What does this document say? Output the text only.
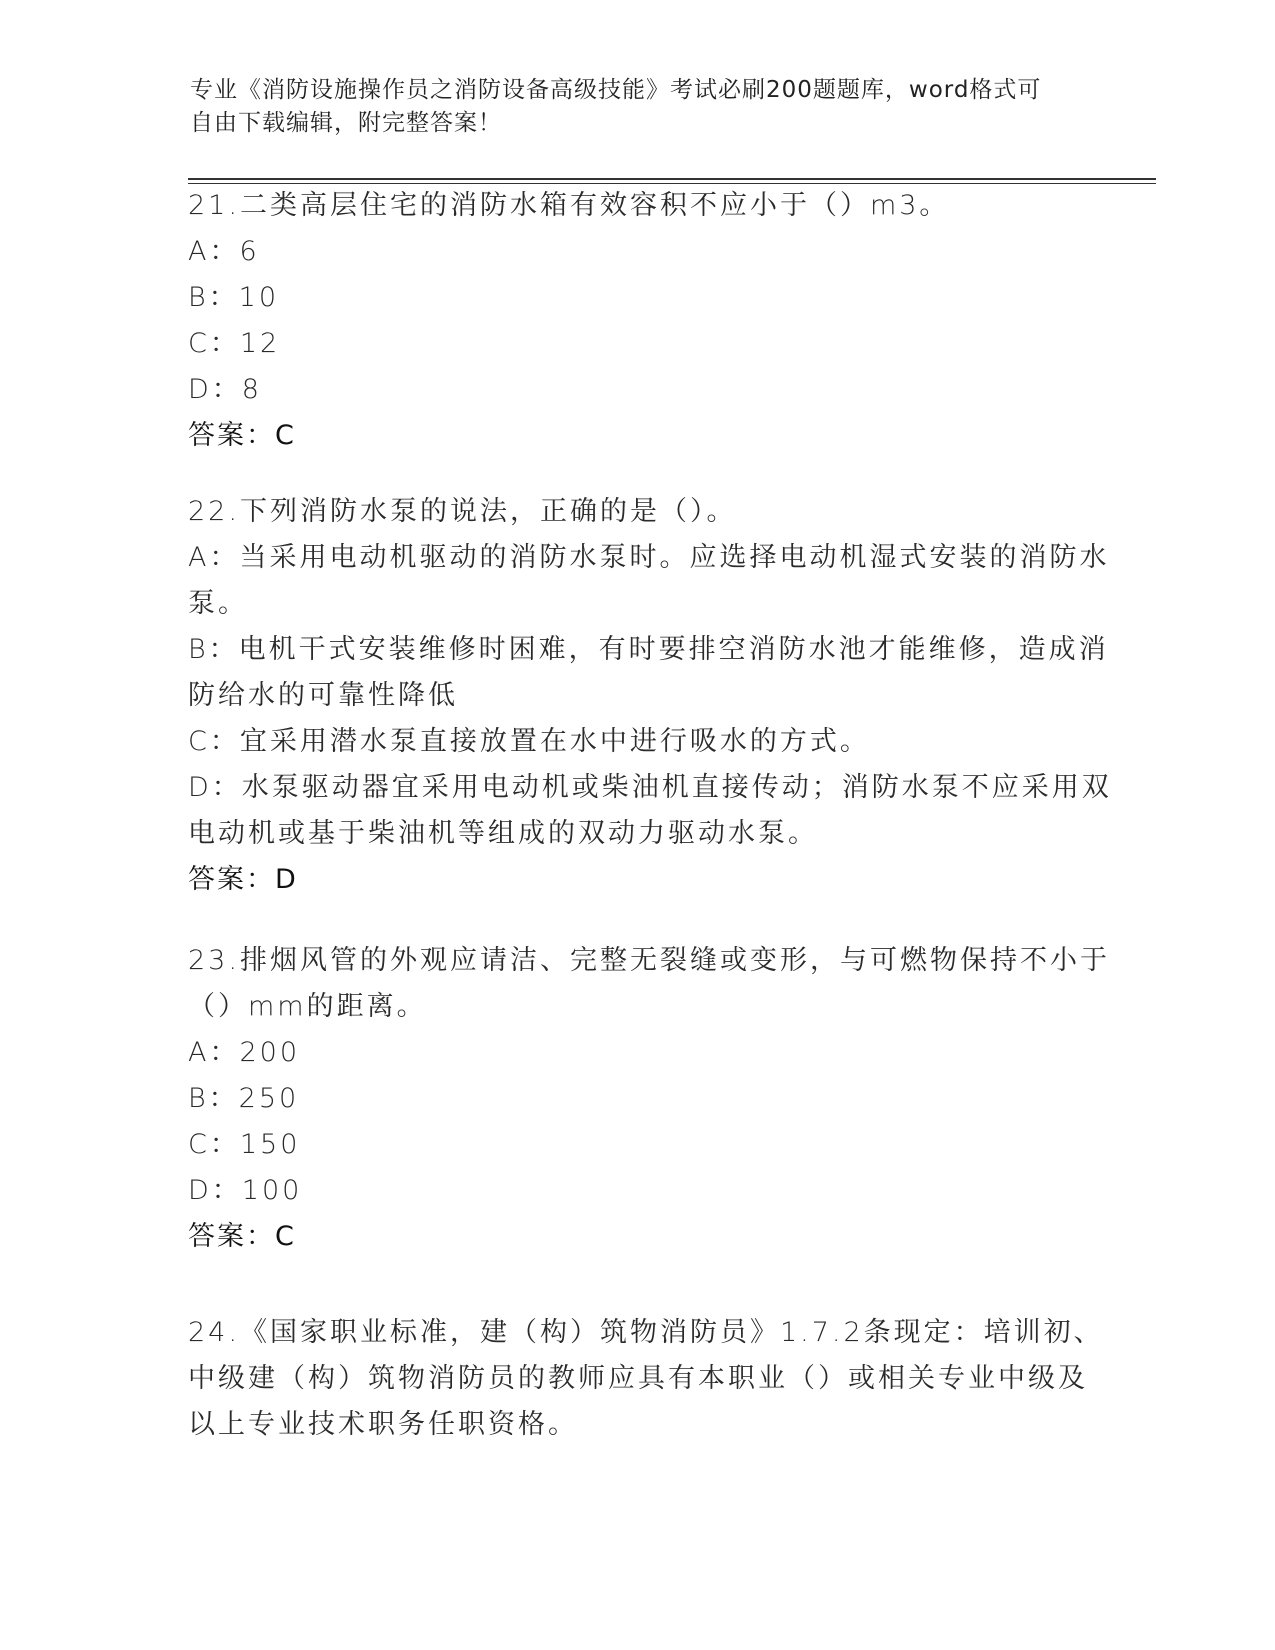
专业《消防设施操作员之消防设备高级技能》考试必刷200题题库，word格式可
自由下载编辑，附完整答案！
21.二类高层住宅的消防水箱有效容积不应小于（）m3。
A：6
B：10
C：12
D：8
答案：C
22.下列消防水泵的说法，正确的是（）。
A：当采用电动机驱动的消防水泵时。应选择电动机湿式安装的消防水
泵。
B：电机干式安装维修时困难，有时要排空消防水池才能维修，造成消
防给水的可靠性降低
C：宜采用潜水泵直接放置在水中进行吸水的方式。
D：水泵驱动器宜采用电动机或柴油机直接传动；消防水泵不应采用双
电动机或基于柴油机等组成的双动力驱动水泵。
答案：D
23.排烟风管的外观应请洁、完整无裂缝或变形，与可燃物保持不小于
（）mm的距离。
A：200
B：250
C：150
D：100
答案：C
24.《国家职业标准，建（构）筑物消防员》1.7.2条现定：培训初、
中级建（构）筑物消防员的教师应具有本职业（）或相关专业中级及
以上专业技术职务任职资格。
